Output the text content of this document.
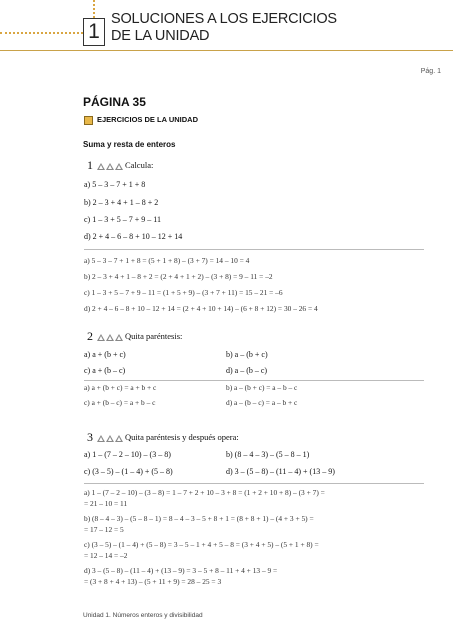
1
SOLUCIONES A LOS EJERCICIOS
DE LA UNIDAD
Pág. 1
PÁGINA 35
EJERCICIOS DE LA UNIDAD
Suma y resta de enteros
1	Calcula:
a) 5 – 3 – 7 + 1 + 8
b) 2 – 3 + 4 + 1 – 8 + 2
c) 1 – 3 + 5 – 7 + 9 – 11
d) 2 + 4 – 6 – 8 + 10 – 12 + 14
a) 5 – 3 – 7 + 1 + 8 = (5 + 1 + 8) – (3 + 7) = 14 – 10 = 4
b) 2 – 3 + 4 + 1 – 8 + 2 = (2 + 4 + 1 + 2) – (3 + 8) = 9 – 11 = –2
c) 1 – 3 + 5 – 7 + 9 – 11 = (1 + 5 + 9) – (3 + 7 + 11) = 15 – 21 = –6
d) 2 + 4 – 6 – 8 + 10 – 12 + 14 = (2 + 4 + 10 + 14) – (6 + 8 + 12) = 30 – 26 = 4
2	Quita paréntesis:
a) a + (b + c)	b) a – (b + c)
c) a + (b – c)	d) a – (b – c)
a) a + (b + c) = a + b + c	b) a – (b + c) = a – b – c
c) a + (b – c) = a + b – c	d) a – (b – c) = a – b + c
3	Quita paréntesis y después opera:
a) 1 – (7 – 2 – 10) – (3 – 8)	b) (8 – 4 – 3) – (5 – 8 – 1)
c) (3 – 5) – (1 – 4) + (5 – 8)	d) 3 – (5 – 8) – (11 – 4) + (13 – 9)
a) 1 – (7 – 2 – 10) – (3 – 8) = 1 – 7 + 2 + 10 – 3 + 8 = (1 + 2 + 10 + 8) – (3 + 7) =
= 21 – 10 = 11
b) (8 – 4 – 3) – (5 – 8 – 1) = 8 – 4 – 3 – 5 + 8 + 1 = (8 + 8 + 1) – (4 + 3 + 5) =
= 17 – 12 = 5
c) (3 – 5) – (1 – 4) + (5 – 8) = 3 – 5 – 1 + 4 + 5 – 8 = (3 + 4 + 5) – (5 + 1 + 8) =
= 12 – 14 = –2
d) 3 – (5 – 8) – (11 – 4) + (13 – 9) = 3 – 5 + 8 – 11 + 4 + 13 – 9 =
= (3 + 8 + 4 + 13) – (5 + 11 + 9) = 28 – 25 = 3
Unidad 1. Números enteros y divisibilidad
